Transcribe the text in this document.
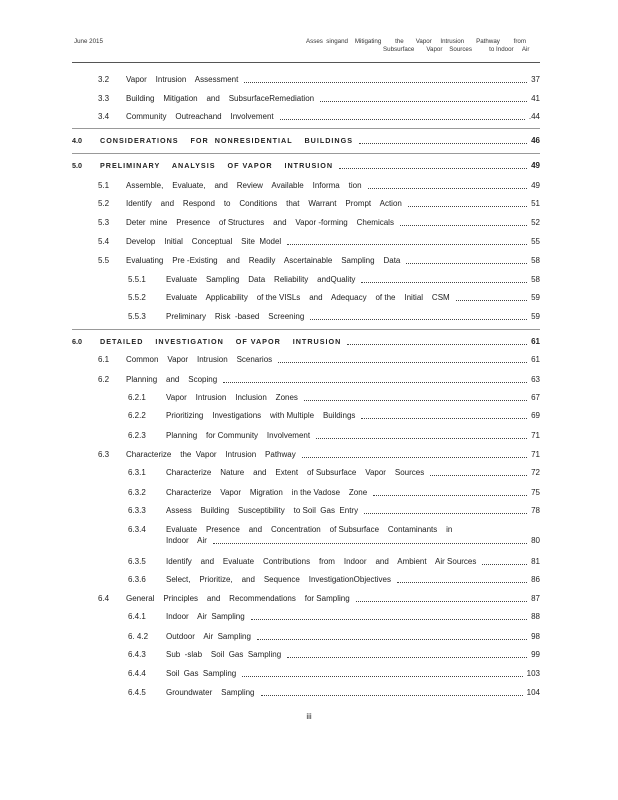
June 2015	Asses  singand    Mitigating        the       Vapor     Intrusion       Pathway        from
Subsurface       Vapor    Sources          to Indoor     Air
3.2 Vapor    Intrusion    Assessment	37
3.3 Building    Mitigation    and    SubsurfaceRemediation	41
3.4 Community    Outreachand    Involvement	.44
4.0	CONSIDERATIONS    FOR  NONRESIDENTIAL    BUILDINGS	46
5.0	PRELIMINARY    ANALYSIS    OF VAPOR    INTRUSION	49
5.1 Assemble,    Evaluate,    and    Review    Available    Informa    tion	49
5.2 Identify    and    Respond    to    Conditions    that    Warrant    Prompt    Action	51
5.3 Deter  mine    Presence    of Structures    and    Vapor -forming    Chemicals	52
5.4 Develop    Initial    Conceptual    Site  Model	55
5.5 Evaluating    Pre -Existing    and    Readily    Ascertainable    Sampling    Data	58
5.5.1	Evaluate    Sampling    Data    Reliability    andQuality	58
5.5.2	Evaluate    Applicability    of the VISLs    and    Adequacy    of the    Initial    CSM	59
5.5.3	Preliminary    Risk  -based    Screening	59
6.0	DETAILED    INVESTIGATION    OF VAPOR    INTRUSION	61
6.1 Common    Vapor    Intrusion    Scenarios	61
6.2 Planning    and    Scoping	63
6.2.1	Vapor    Intrusion    Inclusion    Zones	67
6.2.2	Prioritizing    Investigations    with Multiple    Buildings	69
6.2.3	Planning    for Community    Involvement	71
6.3 Characterize    the  Vapor    Intrusion    Pathway	71
6.3.1	Characterize    Nature    and    Extent    of Subsurface    Vapor    Sources	72
6.3.2	Characterize    Vapor    Migration    in the Vadose    Zone	75
6.3.3	Assess    Building    Susceptibility    to Soil  Gas  Entry	78
6.3.4	Evaluate    Presence    and    Concentration    of Subsurface    Contaminants    in
Indoor    Air	80
6.3.5	Identify    and    Evaluate    Contributions    from    Indoor    and    Ambient    Air Sources	81
6.3.6	Select,    Prioritize,    and    Sequence    InvestigationObjectives	86
6.4 General    Principles    and    Recommendations    for Sampling	87
6.4.1	Indoor    Air  Sampling	88
6. 4.2 Outdoor    Air  Sampling	98
6.4.3	Sub  -slab    Soil  Gas  Sampling	99
6.4.4	Soil  Gas  Sampling	103
6.4.5	Groundwater    Sampling	104
iii
